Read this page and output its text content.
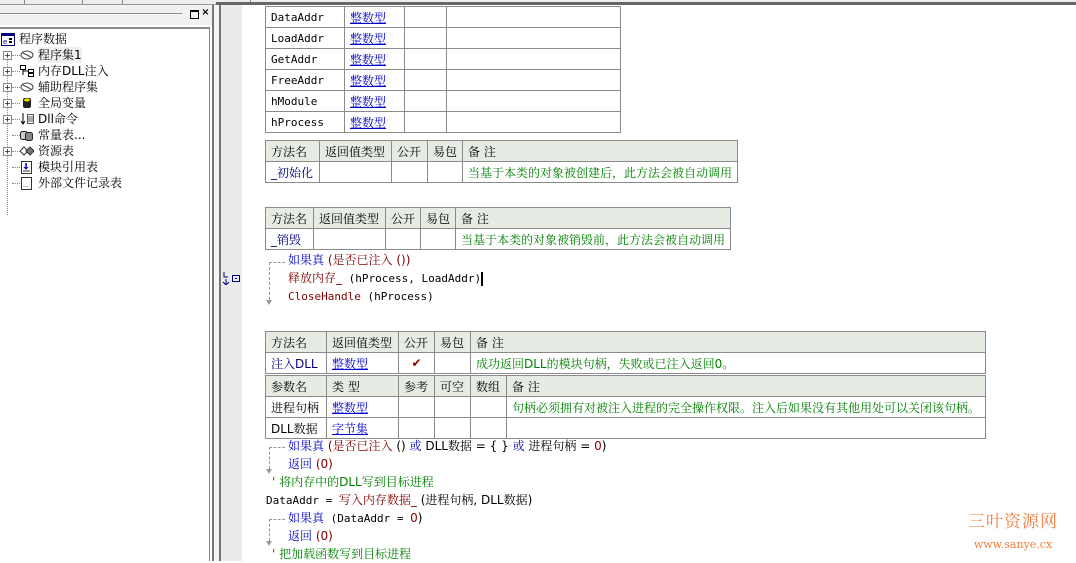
×
e 程序数据
+ 程序集1
+ 内存DLL注入
+ 辅助程序集
+ 全局变量
+ Dll命令
常量表...
+ 资源表
模块引用表
... 外部文件记录表
DataAddr	整数型		
LoadAddr	整数型		
GetAddr	整数型		
FreeAddr	整数型		
hModule	整数型		
hProcess	整数型		
方法名	返回值类型	公开	易包	备 注
_初始化				当基于本类的对象被创建后，此方法会被自动调用
方法名	返回值类型	公开	易包	备 注
_销毁				当基于本类的对象被销毁前，此方法会被自动调用
如果真 (是否已注入 ())
释放内存_ (hProcess, LoadAddr)
CloseHandle (hProcess)
方法名	返回值类型	公开	易包	备 注
注入DLL	整数型	✔		成功返回DLL的模块句柄，失败或已注入返回0。
参数名	类 型	参考	可空	数组	备 注
进程句柄	整数型				句柄必须拥有对被注入进程的完全操作权限。注入后如果没有其他用处可以关闭该句柄。
DLL数据	字节集				
如果真 (是否已注入 () 或 DLL数据 = { } 或 进程句柄 = 0)
返回 (0)
' 将内存中的DLL写到目标进程
DataAddr = 写入内存数据_ (进程句柄, DLL数据)
如果真 (DataAddr = 0)
返回 (0)
' 把加载函数写到目标进程
三叶资源网
www.sanye.cx
